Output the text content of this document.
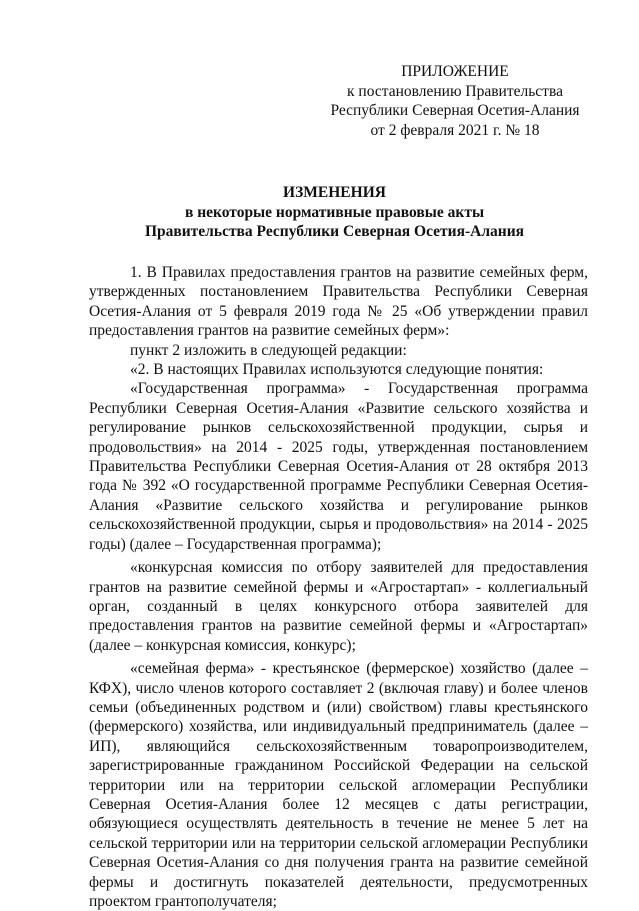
ПРИЛОЖЕНИЕ
к постановлению Правительства
Республики Северная Осетия-Алания
от 2 февраля 2021 г. № 18
ИЗМЕНЕНИЯ
в некоторые нормативные правовые акты
Правительства Республики Северная Осетия-Алания

1. В Правилах предоставления грантов на развитие семейных ферм, утвержденных постановлением Правительства Республики Северная Осетия-Алания от 5 февраля 2019 года № 25 «Об утверждении правил предоставления грантов на развитие семейных ферм»:

пункт 2 изложить в следующей редакции:

«2. В настоящих Правилах используются следующие понятия:

«Государственная программа» - Государственная программа Республики Северная Осетия-Алания «Развитие сельского хозяйства и регулирование рынков сельскохозяйственной продукции, сырья и продовольствия» на 2014 - 2025 годы, утвержденная постановлением Правительства Республики Северная Осетия-Алания от 28 октября 2013 года № 392 «О государственной программе Республики Северная Осетия-Алания «Развитие сельского хозяйства и регулирование рынков сельскохозяйственной продукции, сырья и продовольствия» на 2014 - 2025 годы) (далее – Государственная программа);

«конкурсная комиссия по отбору заявителей для предоставления грантов на развитие семейной фермы и «Агростартап» - коллегиальный орган, созданный в целях конкурсного отбора заявителей для предоставления грантов на развитие семейной фермы и «Агростартап» (далее – конкурсная комиссия, конкурс);

«семейная ферма» - крестьянское (фермерское) хозяйство (далее – КФХ), число членов которого составляет 2 (включая главу) и более членов семьи (объединенных родством и (или) свойством) главы крестьянского (фермерского) хозяйства, или индивидуальный предприниматель (далее – ИП), являющийся сельскохозяйственным товаропроизводителем, зарегистрированные гражданином Российской Федерации на сельской территории или на территории сельской агломерации Республики Северная Осетия-Алания более 12 месяцев с даты регистрации, обязующиеся осуществлять деятельность в течение не менее 5 лет на сельской территории или на территории сельской агломерации Республики Северная Осетия-Алания со дня получения гранта на развитие семейной фермы и достигнуть показателей деятельности, предусмотренных проектом грантополучателя;
